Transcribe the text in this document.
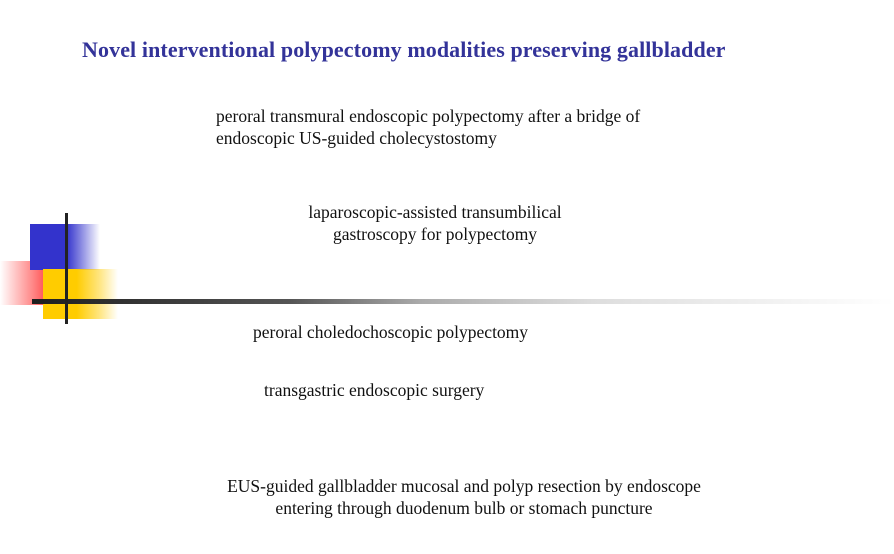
Novel interventional polypectomy modalities preserving gallbladder
peroral transmural endoscopic polypectomy after a bridge of
endoscopic US-guided cholecystostomy
laparoscopic-assisted transumbilical
gastroscopy for polypectomy
peroral choledochoscopic polypectomy
transgastric endoscopic surgery
EUS-guided gallbladder mucosal and polyp resection by endoscope
entering through duodenum bulb or stomach puncture
